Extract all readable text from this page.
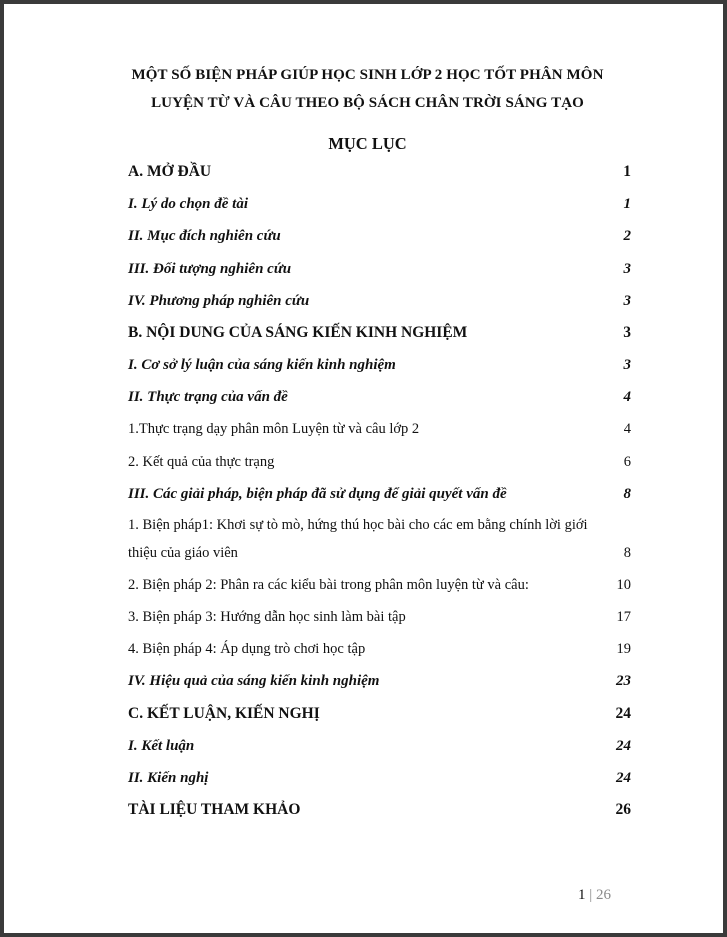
MỘT SỐ BIỆN PHÁP GIÚP HỌC SINH LỚP 2 HỌC TỐT PHÂN MÔN
LUYỆN TỪ VÀ CÂU THEO BỘ SÁCH CHÂN TRỜI SÁNG TẠO
MỤC LỤC
A. MỞ ĐẦU	1
I. Lý do chọn đề tài	1
II. Mục đích nghiên cứu	2
III. Đối tượng nghiên cứu	3
IV. Phương pháp nghiên cứu	3
B. NỘI DUNG CỦA SÁNG KIẾN KINH NGHIỆM	3
I. Cơ sở lý luận của sáng kiến kinh nghiệm	3
II. Thực trạng của vấn đề	4
1.Thực trạng dạy phân môn Luyện từ và câu lớp 2	4
2. Kết quả của thực trạng	6
III. Các giải pháp, biện pháp đã sử dụng để giải quyết vấn đề	8
1. Biện pháp1: Khơi sự tò mò, hứng thú học bài cho các em bằng chính lời giới
thiệu của giáo viên	8
2. Biện pháp 2: Phân ra các kiểu bài trong phân môn luyện từ và câu:	10
3. Biện pháp 3: Hướng dẫn học sinh làm bài tập	17
4. Biện pháp 4: Áp dụng trò chơi học tập	19
IV. Hiệu quả của sáng kiến kinh nghiệm	23
C. KẾT LUẬN, KIẾN NGHỊ	24
I. Kết luận	24
II. Kiến nghị	24
TÀI LIỆU THAM KHẢO	26
1 | 26
